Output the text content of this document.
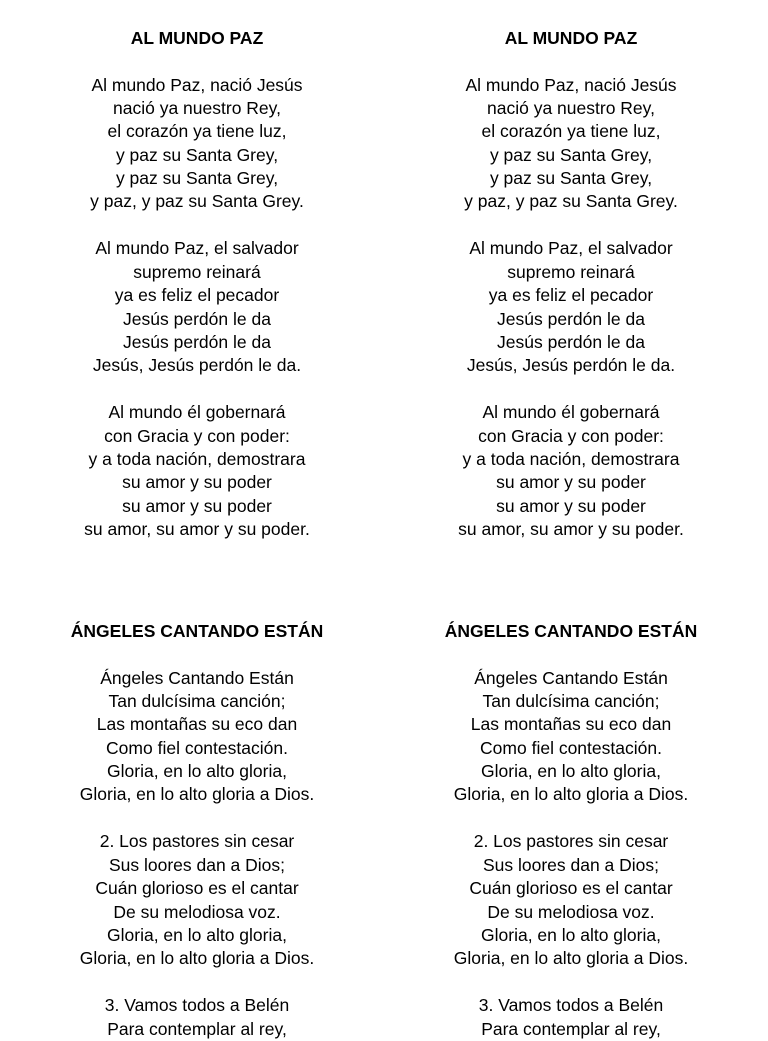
AL MUNDO PAZ
Al mundo Paz, nació Jesús
nació ya nuestro Rey,
el corazón ya tiene luz,
y paz su Santa Grey,
y paz su Santa Grey,
y paz, y paz su Santa Grey.
Al mundo Paz, el salvador
supremo reinará
ya es feliz el pecador
Jesús perdón le da
Jesús perdón le da
Jesús, Jesús perdón le da.
Al mundo él gobernará
con Gracia y con poder:
y a toda nación, demostrara
su amor y su poder
su amor y su poder
su amor, su amor y su poder.
ÁNGELES CANTANDO ESTÁN
Ángeles Cantando Están
Tan dulcísima canción;
Las montañas su eco dan
Como fiel contestación.
Gloria, en lo alto gloria,
Gloria, en lo alto gloria a Dios.
2. Los pastores sin cesar
Sus loores dan a Dios;
Cuán glorioso es el cantar
De su melodiosa voz.
Gloria, en lo alto gloria,
Gloria, en lo alto gloria a Dios.
3. Vamos todos a Belén
Para contemplar al rey,
AL MUNDO PAZ
Al mundo Paz, nació Jesús
nació ya nuestro Rey,
el corazón ya tiene luz,
y paz su Santa Grey,
y paz su Santa Grey,
y paz, y paz su Santa Grey.
Al mundo Paz, el salvador
supremo reinará
ya es feliz el pecador
Jesús perdón le da
Jesús perdón le da
Jesús, Jesús perdón le da.
Al mundo él gobernará
con Gracia y con poder:
y a toda nación, demostrara
su amor y su poder
su amor y su poder
su amor, su amor y su poder.
ÁNGELES CANTANDO ESTÁN
Ángeles Cantando Están
Tan dulcísima canción;
Las montañas su eco dan
Como fiel contestación.
Gloria, en lo alto gloria,
Gloria, en lo alto gloria a Dios.
2. Los pastores sin cesar
Sus loores dan a Dios;
Cuán glorioso es el cantar
De su melodiosa voz.
Gloria, en lo alto gloria,
Gloria, en lo alto gloria a Dios.
3. Vamos todos a Belén
Para contemplar al rey,
